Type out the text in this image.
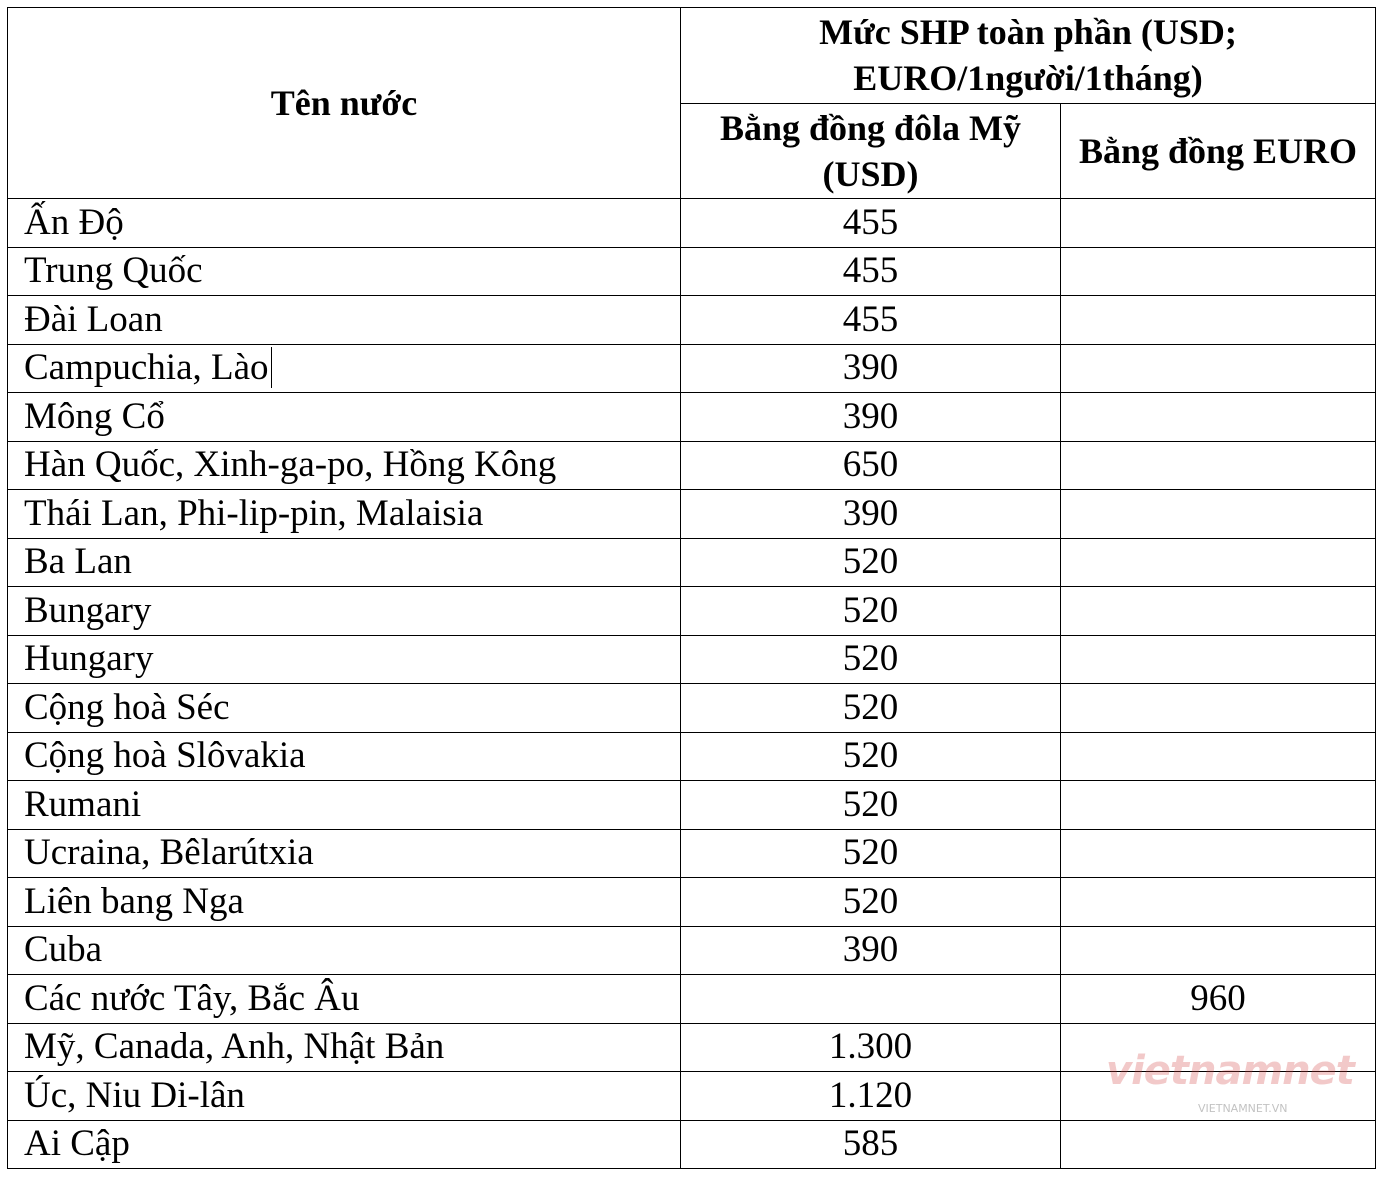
Tên nước	Mức SHP toàn phần (USD; EURO/1người/1tháng)	
	Bằng đồng đôla Mỹ (USD)	Bằng đồng EURO
Ấn Độ	455	
Trung Quốc	455	
Đài Loan	455	
Campuchia, Lào	390	
Mông Cổ	390	
Hàn Quốc, Xinh-ga-po, Hồng Kông	650	
Thái Lan, Phi-lip-pin, Malaisia	390	
Ba Lan	520	
Bungary	520	
Hungary	520	
Cộng hoà Séc	520	
Cộng hoà Slôvakia	520	
Rumani	520	
Ucraina, Bêlarútxia	520	
Liên bang Nga	520	
Cuba	390	
Các nước Tây, Bắc Âu		960
Mỹ, Canada, Anh, Nhật Bản	1.300	
Úc, Niu Di-lân	1.120	
Ai Cập	585	
vietnamnet
VIETNAMNET.VN
